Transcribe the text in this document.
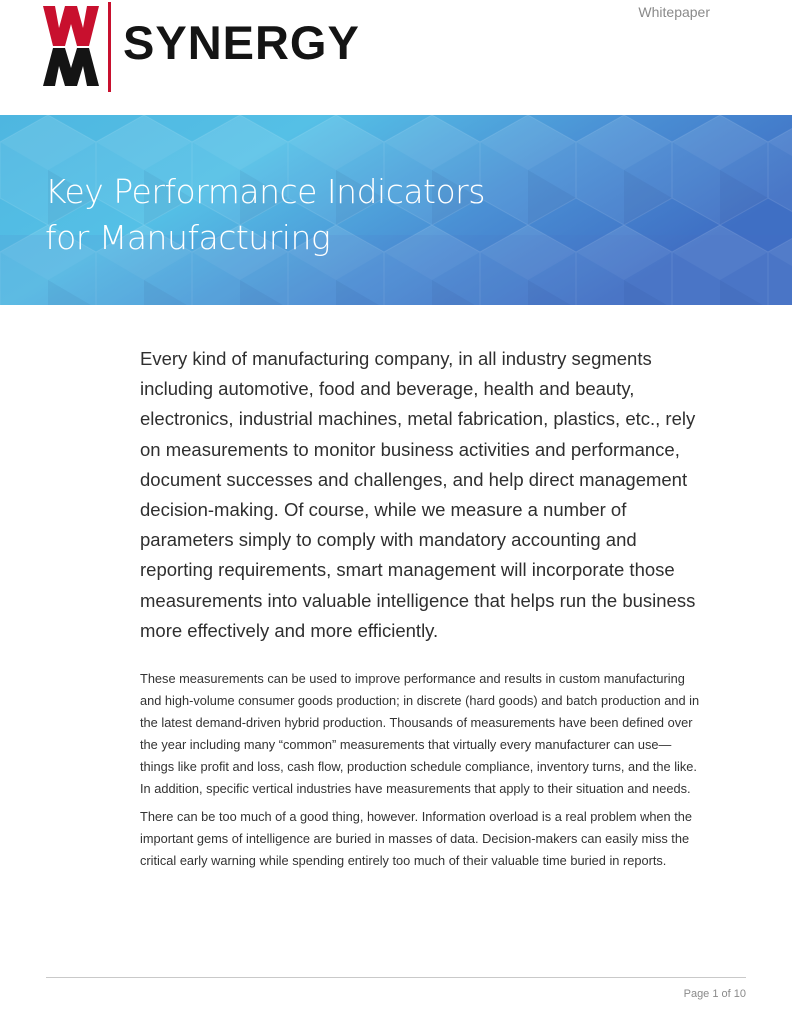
SYNERGY
Whitepaper
Key Performance Indicators
for Manufacturing

Every kind of manufacturing company, in all industry segments including automotive, food and beverage, health and beauty, electronics, industrial machines, metal fabrication, plastics, etc., rely on measurements to monitor business activities and performance, document successes and challenges, and help direct management decision-making. Of course, while we measure a number of parameters simply to comply with mandatory accounting and reporting requirements, smart management will incorporate those measurements into valuable intelligence that helps run the business more effectively and more efficiently.

These measurements can be used to improve performance and results in custom manufacturing and high-volume consumer goods production; in discrete (hard goods) and batch production and in the latest demand-driven hybrid production. Thousands of measurements have been defined over the year including many “common” measurements that virtually every manufacturer can use—things like profit and loss, cash flow, production schedule compliance, inventory turns, and the like. In addition, specific vertical industries have measurements that apply to their situation and needs.

There can be too much of a good thing, however. Information overload is a real problem when the important gems of intelligence are buried in masses of data. Decision-makers can easily miss the critical early warning while spending entirely too much of their valuable time buried in reports.

Page 1 of 10
